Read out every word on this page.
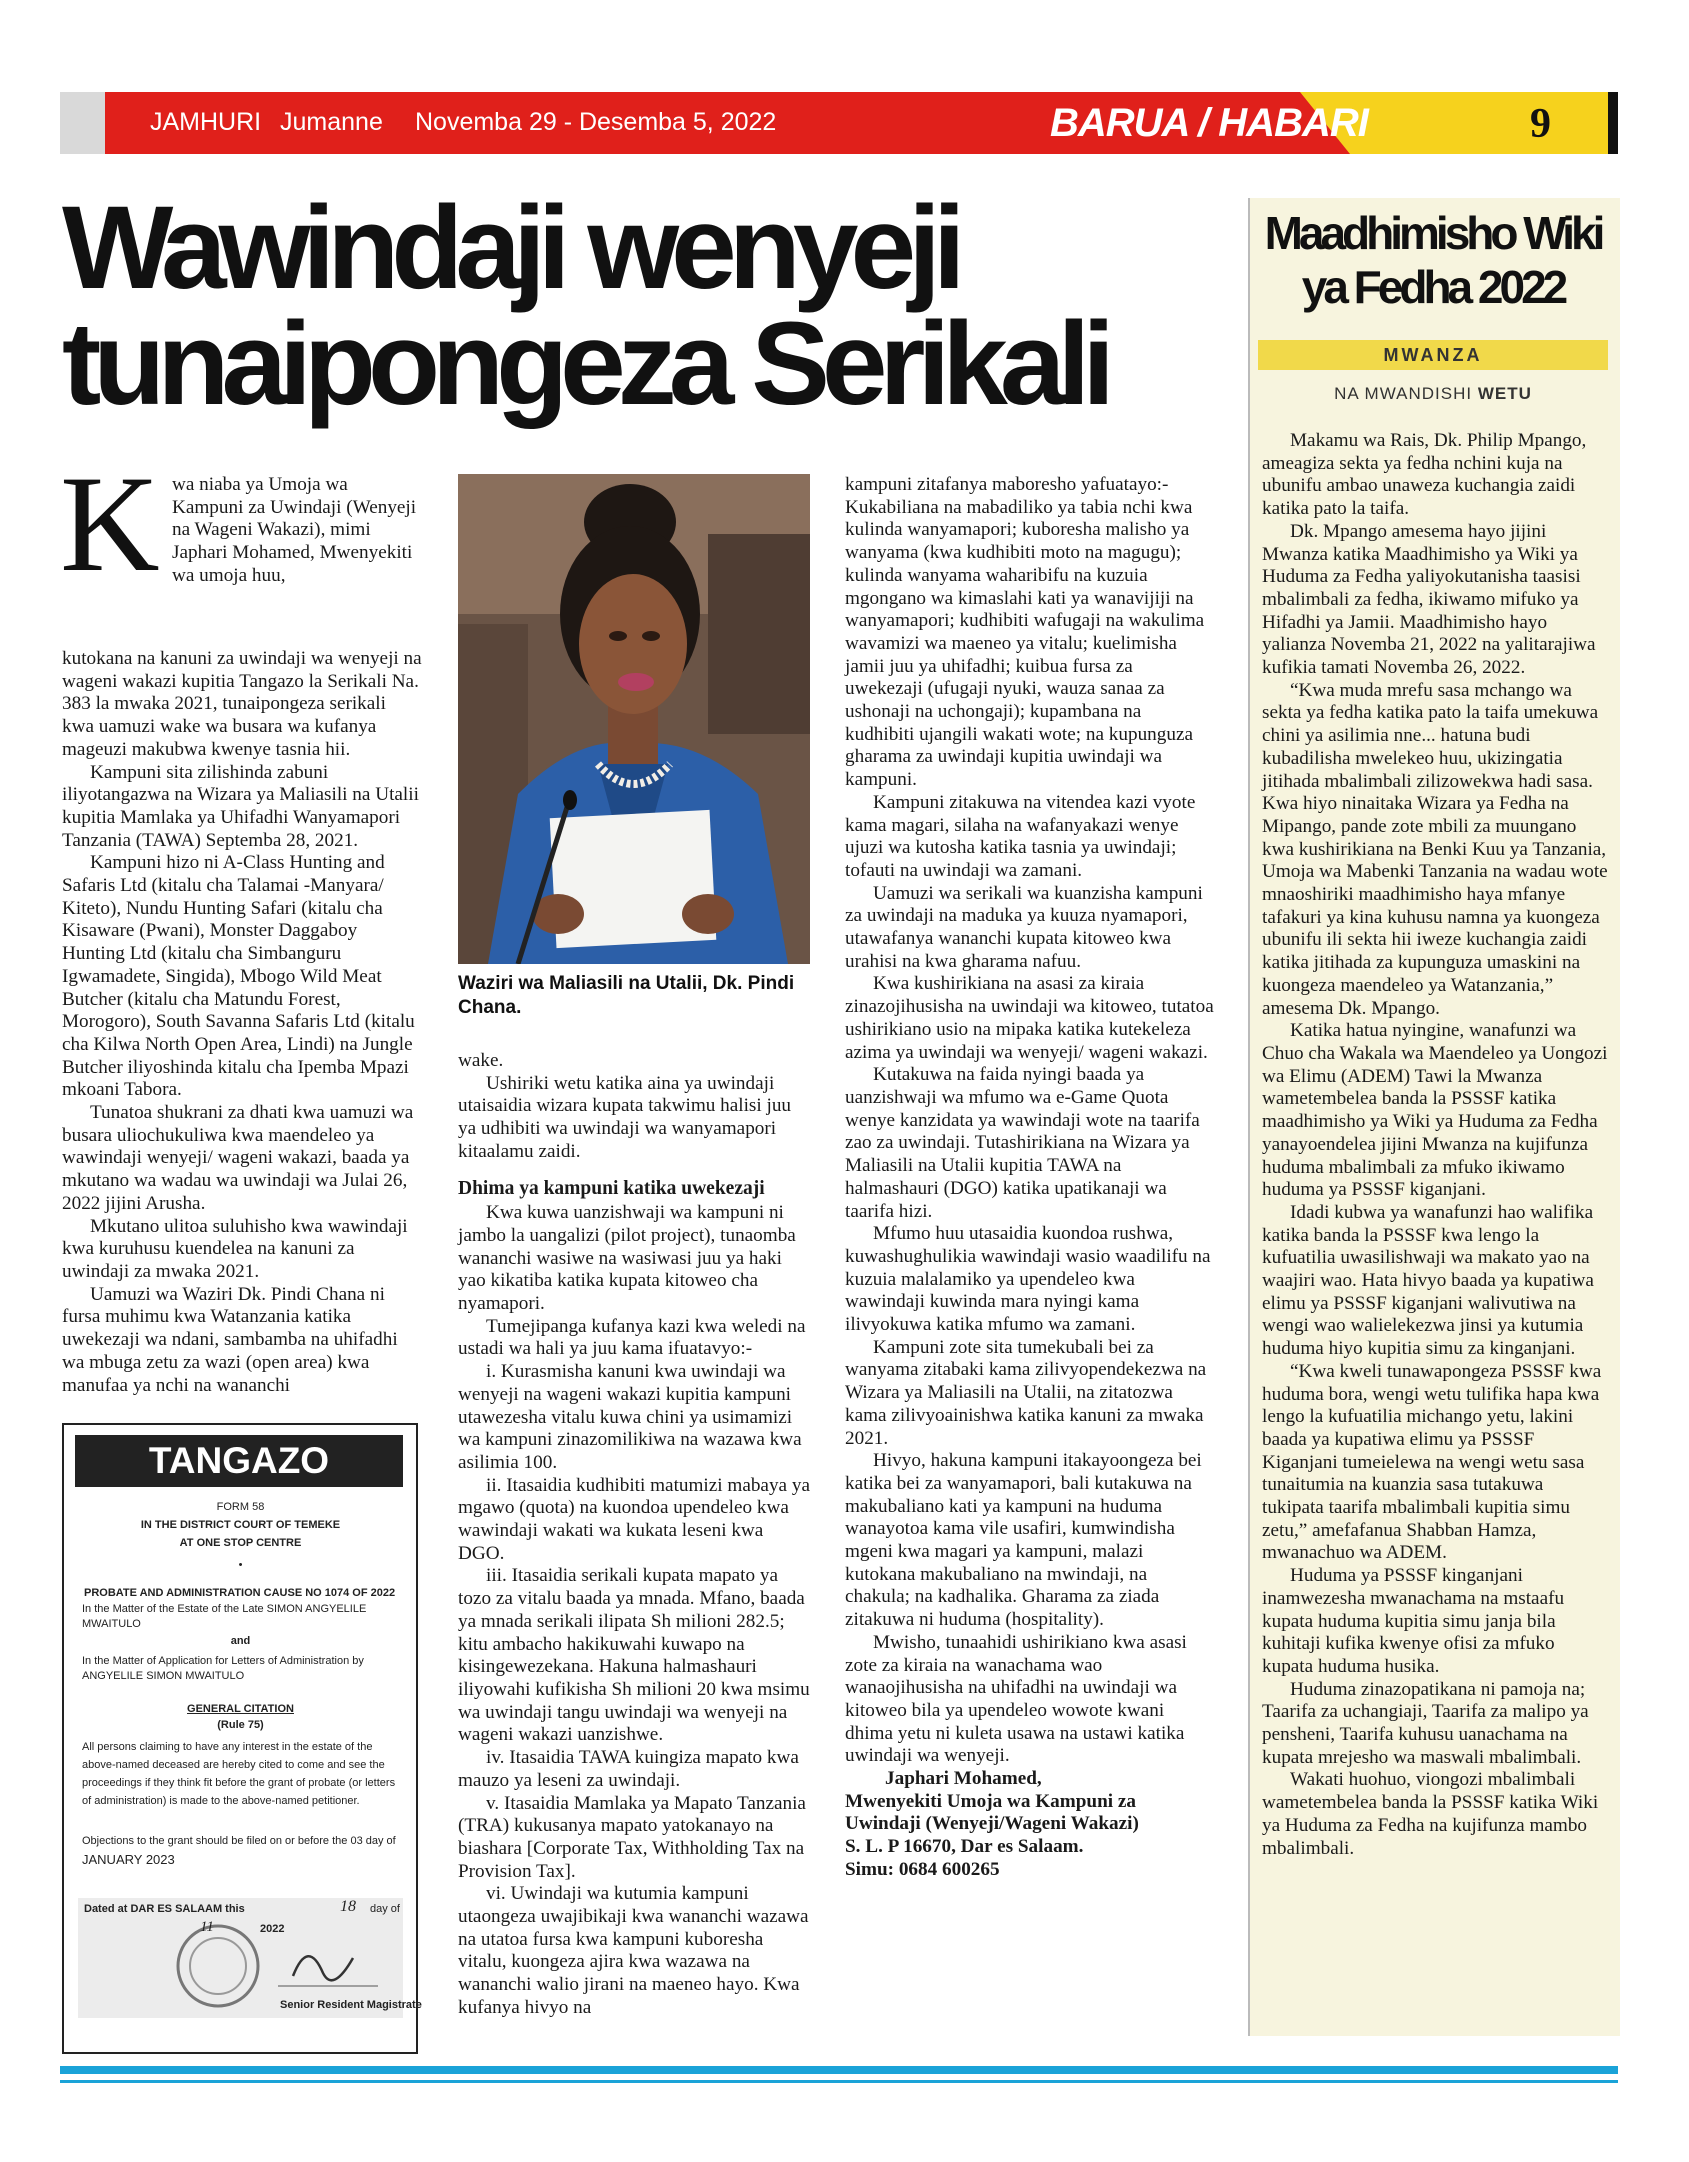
JAMHURI Jumanne Novemba 29 - Desemba 5, 2022	BARUA / HABARI	9
Wawindaji wenyeji
tunaipongeza Serikali
K wa niaba ya Umoja wa Kampuni za Uwindaji (Wenyeji na Wageni Wakazi), mimi Japhari Mohamed, Mwenyekiti wa umoja huu,

kutokana na kanuni za uwindaji wa wenyeji na wageni wakazi kupitia Tangazo la Serikali Na. 383 la mwaka 2021, tunaipongeza serikali kwa uamuzi wake wa busara wa kufanya mageuzi makubwa kwenye tasnia hii.

Kampuni sita zilishinda zabuni iliyotangazwa na Wizara ya Maliasili na Utalii kupitia Mamlaka ya Uhifadhi Wanyamapori Tanzania (TAWA) Septemba 28, 2021.

Kampuni hizo ni A-Class Hunting and Safaris Ltd (kitalu cha Talamai -Manyara/ Kiteto), Nundu Hunting Safari (kitalu cha Kisaware (Pwani), Monster Daggaboy Hunting Ltd (kitalu cha Simbanguru Igwamadete, Singida), Mbogo Wild Meat Butcher (kitalu cha Matundu Forest, Morogoro), South Savanna Safaris Ltd (kitalu cha Kilwa North Open Area, Lindi) na Jungle Butcher iliyoshinda kitalu cha Ipemba Mpazi mkoani Tabora.

Tunatoa shukrani za dhati kwa uamuzi wa busara uliochukuliwa kwa maendeleo ya wawindaji wenyeji/ wageni wakazi, baada ya mkutano wa wadau wa uwindaji wa Julai 26, 2022 jijini Arusha.

Mkutano ulitoa suluhisho kwa wawindaji kwa kuruhusu kuendelea na kanuni za uwindaji za mwaka 2021.

Uamuzi wa Waziri Dk. Pindi Chana ni fursa muhimu kwa Watanzania katika uwekezaji wa ndani, sambamba na uhifadhi wa mbuga zetu za wazi (open area) kwa manufaa ya nchi na wananchi

Waziri wa Maliasili na Utalii, Dk. Pindi Chana.

wake.

Ushiriki wetu katika aina ya uwindaji utaisaidia wizara kupata takwimu halisi juu ya udhibiti wa uwindaji wa wanyamapori kitaalamu zaidi.

Dhima ya kampuni katika uwekezaji

Kwa kuwa uanzishwaji wa kampuni ni jambo la uangalizi (pilot project), tunaomba wananchi wasiwe na wasiwasi juu ya haki yao kikatiba katika kupata kitoweo cha nyamapori.

Tumejipanga kufanya kazi kwa weledi na ustadi wa hali ya juu kama ifuatavyo:-

i. Kurasmisha kanuni kwa uwindaji wa wenyeji na wageni wakazi kupitia kampuni utawezesha vitalu kuwa chini ya usimamizi wa kampuni zinazomilikiwa na wazawa kwa asilimia 100.

ii. Itasaidia kudhibiti matumizi mabaya ya mgawo (quota) na kuondoa upendeleo kwa wawindaji wakati wa kukata leseni kwa DGO.

iii. Itasaidia serikali kupata mapato ya tozo za vitalu baada ya mnada. Mfano, baada ya mnada serikali ilipata Sh milioni 282.5; kitu ambacho hakikuwahi kuwapo na kisingewezekana. Hakuna halmashauri iliyowahi kufikisha Sh milioni 20 kwa msimu wa uwindaji tangu uwindaji wa wenyeji na wageni wakazi uanzishwe.

iv. Itasaidia TAWA kuingiza mapato kwa mauzo ya leseni za uwindaji.

v. Itasaidia Mamlaka ya Mapato Tanzania (TRA) kukusanya mapato yatokanayo na biashara [Corporate Tax, Withholding Tax na Provision Tax].

vi. Uwindaji wa kutumia kampuni utaongeza uwajibikaji kwa wananchi wazawa na utatoa fursa kwa kampuni kuboresha vitalu, kuongeza ajira kwa wazawa na wananchi walio jirani na maeneo hayo. Kwa kufanya hivyo na

kampuni zitafanya maboresho yafuatayo:- Kukabiliana na mabadiliko ya tabia nchi kwa kulinda wanyamapori; kuboresha malisho ya wanyama (kwa kudhibiti moto na magugu); kulinda wanyama waharibifu na kuzuia mgongano wa kimaslahi kati ya wanavijiji na wanyamapori; kudhibiti wafugaji na wakulima wavamizi wa maeneo ya vitalu; kuelimisha jamii juu ya uhifadhi; kuibua fursa za uwekezaji (ufugaji nyuki, wauza sanaa za ushonaji na uchongaji); kupambana na kudhibiti ujangili wakati wote; na kupunguza gharama za uwindaji kupitia uwindaji wa kampuni.

Kampuni zitakuwa na vitendea kazi vyote kama magari, silaha na wafanyakazi wenye ujuzi wa kutosha katika tasnia ya uwindaji; tofauti na uwindaji wa zamani.

Uamuzi wa serikali wa kuanzisha kampuni za uwindaji na maduka ya kuuza nyamapori, utawafanya wananchi kupata kitoweo kwa urahisi na kwa gharama nafuu.

Kwa kushirikiana na asasi za kiraia zinazojihusisha na uwindaji wa kitoweo, tutatoa ushirikiano usio na mipaka katika kutekeleza azima ya uwindaji wa wenyeji/ wageni wakazi.

Kutakuwa na faida nyingi baada ya uanzishwaji wa mfumo wa e-Game Quota wenye kanzidata ya wawindaji wote na taarifa zao za uwindaji. Tutashirikiana na Wizara ya Maliasili na Utalii kupitia TAWA na halmashauri (DGO) katika upatikanaji wa taarifa hizi.

Mfumo huu utasaidia kuondoa rushwa, kuwashughulikia wawindaji wasio waadilifu na kuzuia malalamiko ya upendeleo kwa wawindaji kuwinda mara nyingi kama ilivyokuwa katika mfumo wa zamani.

Kampuni zote sita tumekubali bei za wanyama zitabaki kama zilivyopendekezwa na Wizara ya Maliasili na Utalii, na zitatozwa kama zilivyoainishwa katika kanuni za mwaka 2021.

Hivyo, hakuna kampuni itakayoongeza bei katika bei za wanyamapori, bali kutakuwa na makubaliano kati ya kampuni na huduma wanayotoa kama vile usafiri, kumwindisha mgeni kwa magari ya kampuni, malazi kutokana makubaliano na mwindaji, na chakula; na kadhalika. Gharama za ziada zitakuwa ni huduma (hospitality).

Mwisho, tunaahidi ushirikiano kwa asasi zote za kiraia na wanachama wao wanaojihusisha na uhifadhi na uwindaji wa kitoweo bila ya upendeleo wowote kwani dhima yetu ni kuleta usawa na ustawi katika uwindaji wa wenyeji.

Japhari Mohamed,

Mwenyekiti Umoja wa Kampuni za Uwindaji (Wenyeji/Wageni Wakazi)

S. L. P 16670, Dar es Salaam.

Simu: 0684 600265

TANGAZO
FORM 58
IN THE DISTRICT COURT OF TEMEKE
AT ONE STOP CENTRE
•
PROBATE AND ADMINISTRATION CAUSE NO 1074 OF 2022
In the Matter of the Estate of the Late SIMON ANGYELILE MWAITULO
and
In the Matter of Application for Letters of Administration by ANGYELILE SIMON MWAITULO
GENERAL CITATION
(Rule 75)
All persons claiming to have any interest in the estate of the above-named deceased are hereby cited to come and see the proceedings if they think fit before the grant of probate (or letters of administration) is made to the above-named petitioner.
Objections to the grant should be filed on or before the 03 day of
JANUARY 2023
Dated at DAR ES SALAAM this	18 day of
11	2022
Senior Resident Magistrate
Maadhimisho Wiki
ya Fedha 2022
MWANZA
NA MWANDISHI WETU

Makamu wa Rais, Dk. Philip Mpango, ameagiza sekta ya fedha nchini kuja na ubunifu ambao unaweza kuchangia zaidi katika pato la taifa.

Dk. Mpango amesema hayo jijini Mwanza katika Maadhimisho ya Wiki ya Huduma za Fedha yaliyokutanisha taasisi mbalimbali za fedha, ikiwamo mifuko ya Hifadhi ya Jamii. Maadhimisho hayo yalianza Novemba 21, 2022 na yalitarajiwa kufikia tamati Novemba 26, 2022.

“Kwa muda mrefu sasa mchango wa sekta ya fedha katika pato la taifa umekuwa chini ya asilimia nne... hatuna budi kubadilisha mwelekeo huu, ukizingatia jitihada mbalimbali zilizowekwa hadi sasa. Kwa hiyo ninaitaka Wizara ya Fedha na Mipango, pande zote mbili za muungano kwa kushirikiana na Benki Kuu ya Tanzania, Umoja wa Mabenki Tanzania na wadau wote mnaoshiriki maadhimisho haya mfanye tafakuri ya kina kuhusu namna ya kuongeza ubunifu ili sekta hii iweze kuchangia zaidi katika jitihada za kupunguza umaskini na kuongeza maendeleo ya Watanzania,” amesema Dk. Mpango.

Katika hatua nyingine, wanafunzi wa Chuo cha Wakala wa Maendeleo ya Uongozi wa Elimu (ADEM) Tawi la Mwanza wametembelea banda la PSSSF katika maadhimisho ya Wiki ya Huduma za Fedha yanayoendelea jijini Mwanza na kujifunza huduma mbalimbali za mfuko ikiwamo huduma ya PSSSF kiganjani.

Idadi kubwa ya wanafunzi hao walifika katika banda la PSSSF kwa lengo la kufuatilia uwasilishwaji wa makato yao na waajiri wao. Hata hivyo baada ya kupatiwa elimu ya PSSSF kiganjani walivutiwa na wengi wao walielekezwa jinsi ya kutumia huduma hiyo kupitia simu za kinganjani.

“Kwa kweli tunawapongeza PSSSF kwa huduma bora, wengi wetu tulifika hapa kwa lengo la kufuatilia michango yetu, lakini baada ya kupatiwa elimu ya PSSSF Kiganjani tumeielewa na wengi wetu sasa tunaitumia na kuanzia sasa tutakuwa tukipata taarifa mbalimbali kupitia simu zetu,” amefafanua Shabban Hamza, mwanachuo wa ADEM.

Huduma ya PSSSF kinganjani inamwezesha mwanachama na mstaafu kupata huduma kupitia simu janja bila kuhitaji kufika kwenye ofisi za mfuko kupata huduma husika.

Huduma zinazopatikana ni pamoja na; Taarifa za uchangiaji, Taarifa za malipo ya pensheni, Taarifa kuhusu uanachama na kupata mrejesho wa maswali mbalimbali.

Wakati huohuo, viongozi mbalimbali wametembelea banda la PSSSF katika Wiki ya Huduma za Fedha na kujifunza mambo mbalimbali.
